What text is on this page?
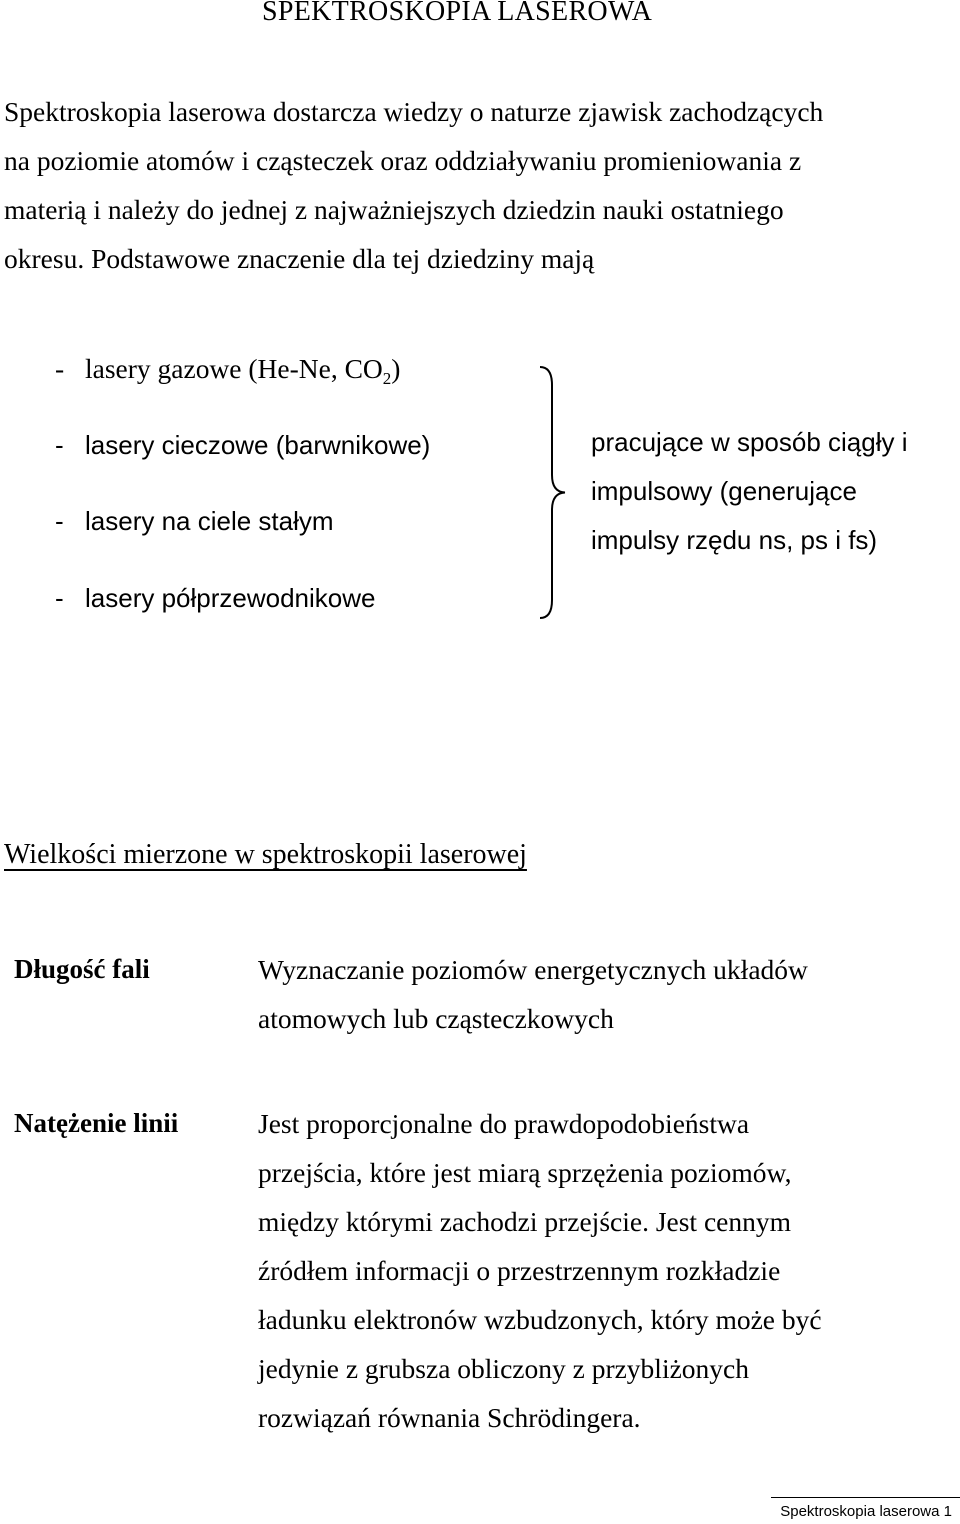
SPEKTROSKOPIA LASEROWA
Spektroskopia laserowa dostarcza wiedzy o naturze zjawisk zachodzących
na poziomie atomów i cząsteczek oraz oddziaływaniu promieniowania z
materią i należy do jednej z najważniejszych dziedzin nauki ostatniego
okresu. Podstawowe znaczenie dla tej dziedziny mają
- lasery gazowe (He-Ne, $CO_2$)
- lasery cieczowe (barwnikowe)
- lasery na ciele stałym
- lasery półprzewodnikowe
pracujące w sposób ciągły i
impulsowy (generujące
impulsy rzędu ns, ps i fs)
Wielkości mierzone w spektroskopii laserowej
Długość fali	Wyznaczanie poziomów energetycznych układów
atomowych lub cząsteczkowych
Natężenie linii	Jest proporcjonalne do prawdopodobieństwa
przejścia, które jest miarą sprzężenia poziomów,
między którymi zachodzi przejście. Jest cennym
źródłem informacji o przestrzennym rozkładzie
ładunku elektronów wzbudzonych, który może być
jedynie z grubsza obliczony z przybliżonych
rozwiązań równania Schrödingera.
Spektroskopia laserowa 1
